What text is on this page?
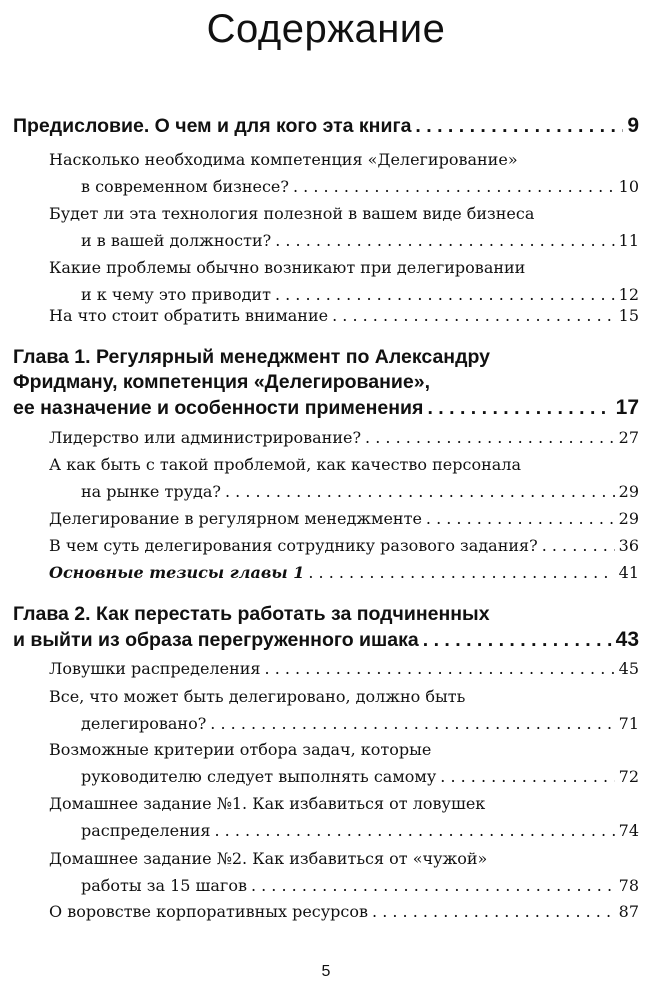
Содержание
Предисловие. О чем и для кого эта книга . . .	9
Насколько необходима компетенция «Делегирование»
в современном бизнесе? . . .	10
Будет ли эта технология полезной в вашем виде бизнеса
и в вашей должности? . . .	11
Какие проблемы обычно возникают при делегировании
и к чему это приводит . . .	12
На что стоит обратить внимание . . .	15
Глава 1. Регулярный менеджмент по Александру
Фридману, компетенция «Делегирование»,
ее назначение и особенности применения . . .	17
Лидерство или администрирование? . . .	27
А как быть с такой проблемой, как качество персонала
на рынке труда? . . .	29
Делегирование в регулярном менеджменте . . .	29
В чем суть делегирования сотруднику разового задания? . . .	36
Основные тезисы главы 1 . . .	41
Глава 2. Как перестать работать за подчиненных
и выйти из образа перегруженного ишака . . .	43
Ловушки распределения . . .	45
Все, что может быть делегировано, должно быть
делегировано? . . .	71
Возможные критерии отбора задач, которые
руководителю следует выполнять самому . . .	72
Домашнее задание №1. Как избавиться от ловушек
распределения . . .	74
Домашнее задание №2. Как избавиться от «чужой»
работы за 15 шагов . . .	78
О воровстве корпоративных ресурсов . . .	87
5
